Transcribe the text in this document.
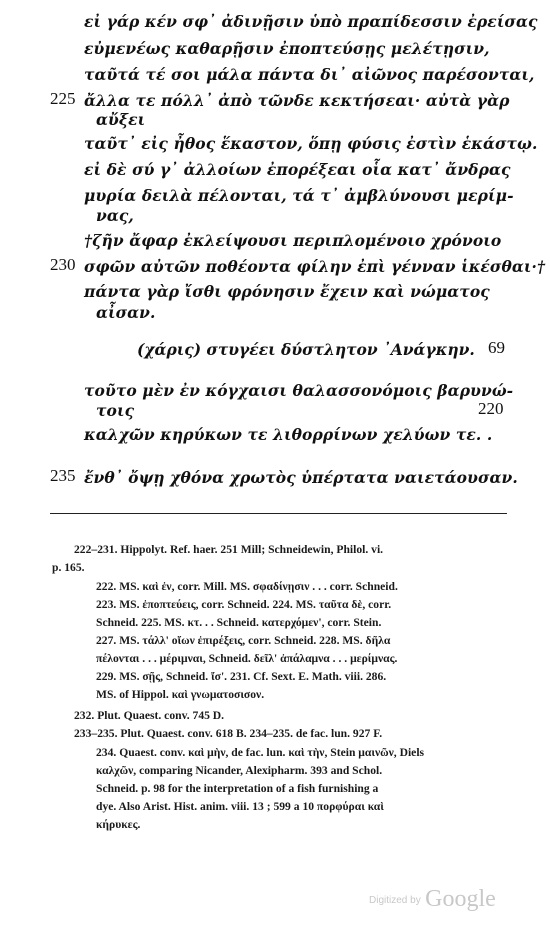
εἰ γάρ κέν σφ᾽ ἀδινῇσιν ὑπὸ πραπίδεσσιν ἐρείσας
εὐμενέως καθαρῇσιν ἐποπτεύσῃς μελέτῃσιν,
ταῦτά τέ σοι μάλα πάντα δι᾽ αἰῶνος παρέσονται,
225 ἄλλα τε πόλλ᾽ ἀπὸ τῶνδε κεκτήσεαι· αὐτὰ γὰρ
αὔξει
ταῦτ᾽ εἰς ἦθος ἕκαστον, ὅπῃ φύσις ἐστὶν ἑκάστῳ.
εἰ δὲ σύ γ᾽ ἀλλοίων ἐπορέξεαι οἷα κατ᾽ ἄνδρας
μυρία δειλὰ πέλονται, τά τ᾽ ἀμβλύνουσι μερίμ-
νας,
†ζῆν ἄφαρ ἐκλείψουσι περιπλομένοιο χρόνοιο
230 σφῶν αὐτῶν ποθέοντα φίλην ἐπὶ γένναν ἱκέσθαι·†
πάντα γὰρ ἴσθι φρόνησιν ἔχειν καὶ νώματος
αἶσαν.
(χάρις) στυγέει δύστλητον ᾿Ανάγκην. 69
τοῦτο μὲν ἐν κόγχαισι θαλασσονόμοις βαρυνώ-
τοις	220
καλχῶν κηρύκων τε λιθορρίνων χελύων τε. .
235 ἔνθ᾽ ὄψῃ χθόνα χρωτὸς ὑπέρτατα ναιετάουσαν.
222–231. Hippolyt. Ref. haer. 251 Mill; Schneidewin, Philol. vi.
p. 165.
222. MS. καὶ ἐν, corr. Mill. MS. σφαδίνῃσιν . . . corr. Schneid.
223. MS. ἐποπτεύεις, corr. Schneid. 224. MS. ταῦτα δὲ, corr.
Schneid. 225. MS. κτ. . . Schneid. κατερχόμεν', corr. Stein.
227. MS. τάλλ' οἵων ἐπιρέξεις, corr. Schneid. 228. MS. δῆλα
πέλονται . . . μέριμναι, Schneid. δεῖλ' ἀπάλαμνα . . . μερίμνας.
229. MS. σῇς, Schneid. ἴσ'. 231. Cf. Sext. E. Math. viii. 286.
MS. of Hippol. καὶ γνωματοσισον.
232. Plut. Quaest. conv. 745 D.
233–235. Plut. Quaest. conv. 618 B. 234–235. de fac. lun. 927 F.
234. Quaest. conv. καὶ μὴν, de fac. lun. καὶ τὴν, Stein μαινῶν, Diels
καλχῶν, comparing Nicander, Alexipharm. 393 and Schol.
Schneid. p. 98 for the interpretation of a fish furnishing a
dye. Also Arist. Hist. anim. viii. 13 ; 599 a 10 πορφύραι καὶ
κήρυκες.
Digitized by Google
